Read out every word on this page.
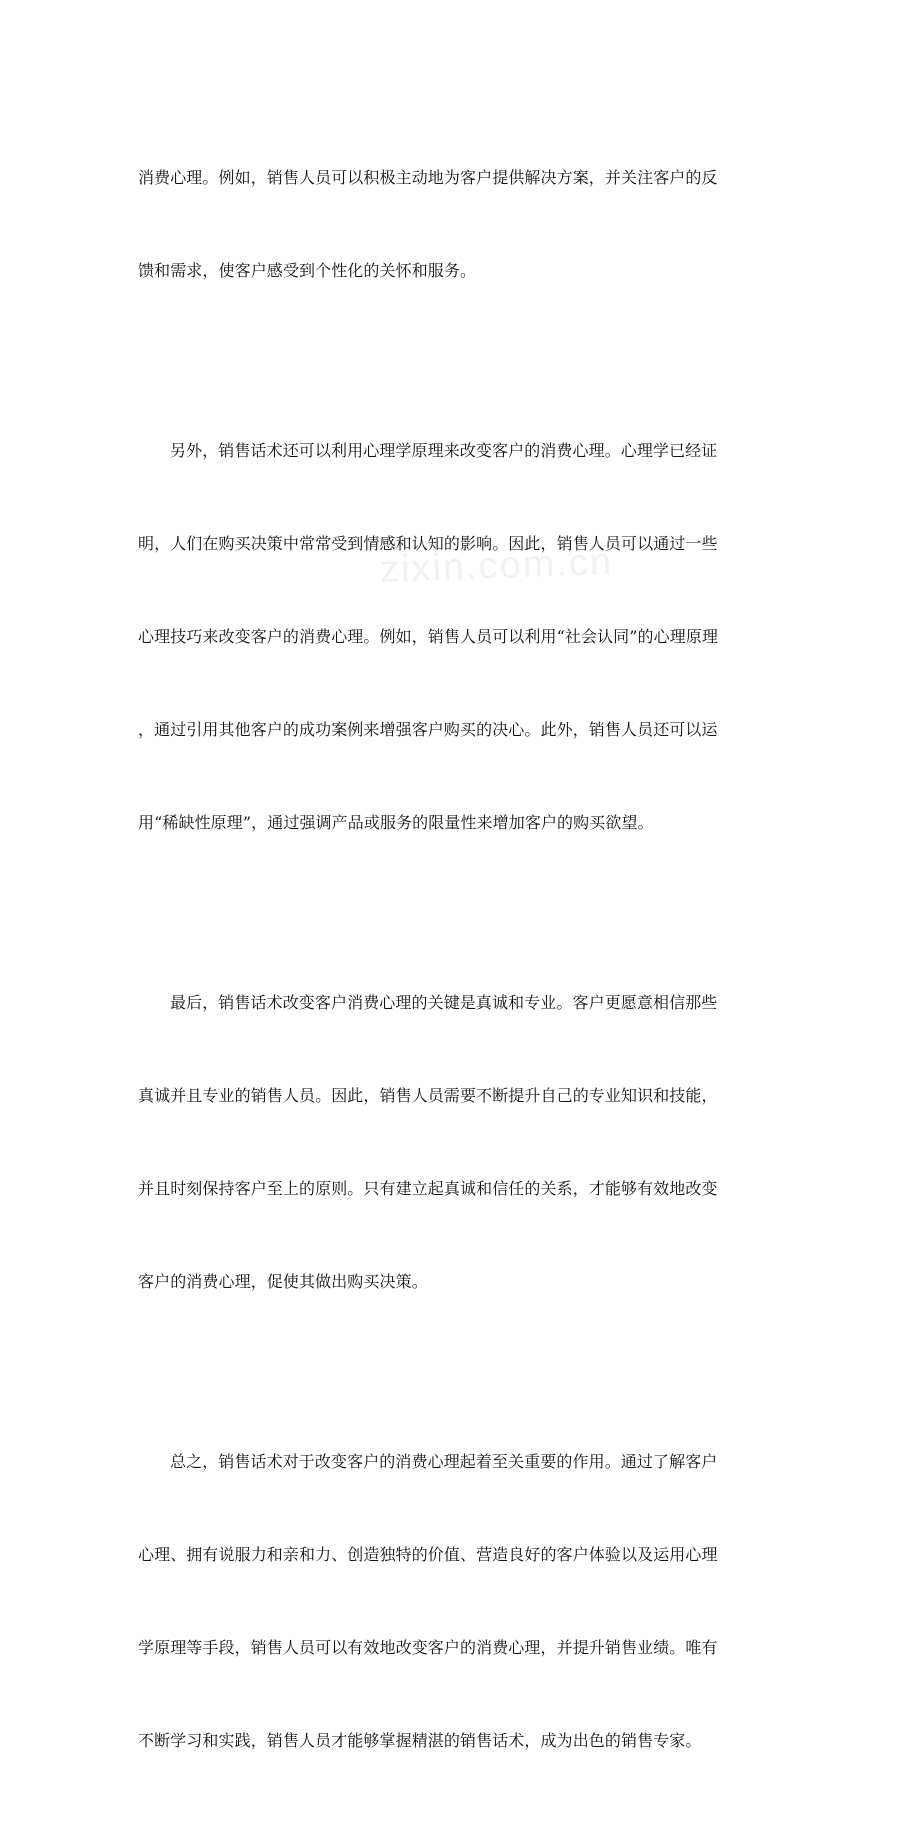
zixin.com.cn

消费心理。例如，销售人员可以积极主动地为客户提供解决方案，并关注客户的反

馈和需求，使客户感受到个性化的关怀和服务。

另外，销售话术还可以利用心理学原理来改变客户的消费心理。心理学已经证

明，人们在购买决策中常常受到情感和认知的影响。因此，销售人员可以通过一些

心理技巧来改变客户的消费心理。例如，销售人员可以利用“社会认同”的心理原理

，通过引用其他客户的成功案例来增强客户购买的决心。此外，销售人员还可以运

用“稀缺性原理”，通过强调产品或服务的限量性来增加客户的购买欲望。

最后，销售话术改变客户消费心理的关键是真诚和专业。客户更愿意相信那些

真诚并且专业的销售人员。因此，销售人员需要不断提升自己的专业知识和技能，

并且时刻保持客户至上的原则。只有建立起真诚和信任的关系，才能够有效地改变

客户的消费心理，促使其做出购买决策。

总之，销售话术对于改变客户的消费心理起着至关重要的作用。通过了解客户

心理、拥有说服力和亲和力、创造独特的价值、营造良好的客户体验以及运用心理

学原理等手段，销售人员可以有效地改变客户的消费心理，并提升销售业绩。唯有

不断学习和实践，销售人员才能够掌握精湛的销售话术，成为出色的销售专家。
